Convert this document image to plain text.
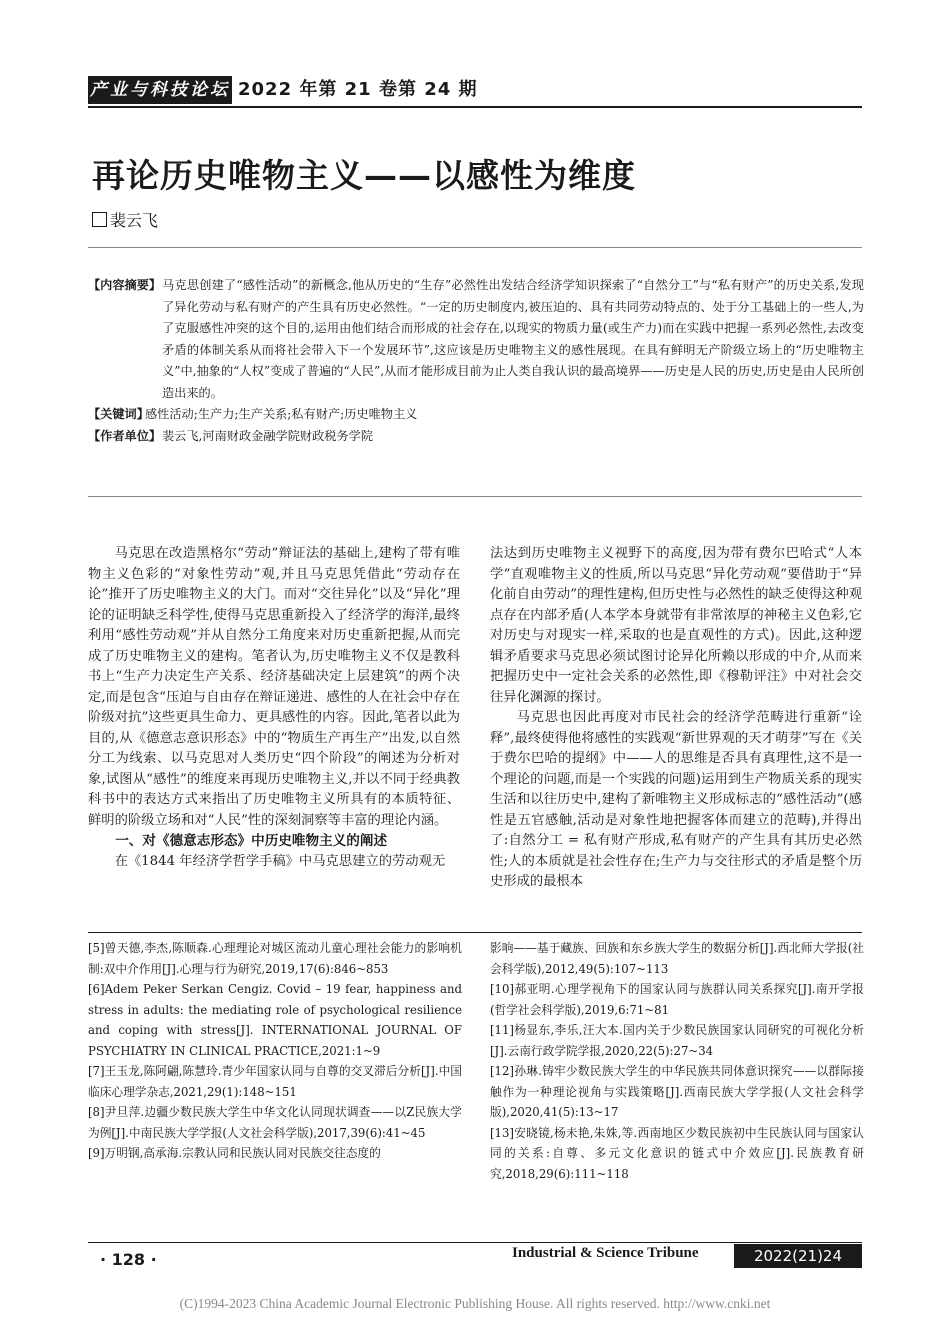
产业与科技论坛 2022 年第 21 卷第 24 期
再论历史唯物主义——以感性为维度
裴云飞

【内容摘要】马克思创建了“感性活动”的新概念,他从历史的“生存”必然性出发结合经济学知识探索了“自然分工”与“私有财产”的历史关系,发现了异化劳动与私有财产的产生具有历史必然性。“一定的历史制度内,被压迫的、具有共同劳动特点的、处于分工基础上的一些人,为了克服感性冲突的这个目的,运用由他们结合而形成的社会存在,以现实的物质力量(或生产力)而在实践中把握一系列必然性,去改变矛盾的体制关系从而将社会带入下一个发展环节”,这应该是历史唯物主义的感性展现。在具有鲜明无产阶级立场上的“历史唯物主义”中,抽象的“人权”变成了普遍的“人民”,从而才能形成目前为止人类自我认识的最高境界——历史是人民的历史,历史是由人民所创造出来的。

【关键词】感性活动;生产力;生产关系;私有财产;历史唯物主义

【作者单位】裴云飞,河南财政金融学院财政税务学院

马克思在改造黑格尔“劳动”辩证法的基础上,建构了带有唯物主义色彩的“对象性劳动”观,并且马克思凭借此“劳动存在论”推开了历史唯物主义的大门。而对“交往异化”以及“异化”理论的证明缺乏科学性,使得马克思重新投入了经济学的海洋,最终利用“感性劳动观”并从自然分工角度来对历史重新把握,从而完成了历史唯物主义的建构。笔者认为,历史唯物主义不仅是教科书上“生产力决定生产关系、经济基础决定上层建筑”的两个决定,而是包含“压迫与自由存在辩证递进、感性的人在社会中存在阶级对抗”这些更具生命力、更具感性的内容。因此,笔者以此为目的,从《德意志意识形态》中的“物质生产再生产”出发,以自然分工为线索、以马克思对人类历史“四个阶段”的阐述为分析对象,试图从“感性”的维度来再现历史唯物主义,并以不同于经典教科书中的表达方式来指出了历史唯物主义所具有的本质特征、鲜明的阶级立场和对“人民”性的深刻洞察等丰富的理论内涵。

一、对《德意志形态》中历史唯物主义的阐述

在《1844 年经济学哲学手稿》中马克思建立的劳动观无

法达到历史唯物主义视野下的高度,因为带有费尔巴哈式“人本学”直观唯物主义的性质,所以马克思“异化劳动观”要借助于“异化前自由劳动”的理性建构,但历史性与必然性的缺乏使得这种观点存在内部矛盾(人本学本身就带有非常浓厚的神秘主义色彩,它对历史与对现实一样,采取的也是直观性的方式)。因此,这种逻辑矛盾要求马克思必须试图讨论异化所赖以形成的中介,从而来把握历史中一定社会关系的必然性,即《穆勒评注》中对社会交往异化渊源的探讨。

马克思也因此再度对市民社会的经济学范畴进行重新“诠释”,最终使得他将感性的实践观“新世界观的天才萌芽”写在《关于费尔巴哈的提纲》中——人的思维是否具有真理性,这不是一个理论的问题,而是一个实践的问题)运用到生产物质关系的现实生活和以往历史中,建构了新唯物主义形成标志的“感性活动”(感性是五官感触,活动是对象性地把握客体而建立的范畴),并得出了:自然分工 = 私有财产形成,私有财产的产生具有其历史必然性;人的本质就是社会性存在;生产力与交往形式的矛盾是整个历史形成的最根本

[5]曾天德,李杰,陈顺森.心理理论对城区流动儿童心理社会能力的影响机制:双中介作用[J].心理与行为研究,2019,17(6):846~853

[6]Adem Peker Serkan Cengiz. Covid – 19 fear, happiness and stress in adults: the mediating role of psychological resilience and coping with stress[J]. INTERNATIONAL JOURNAL OF PSYCHIATRY IN CLINICAL PRACTICE,2021:1~9

[7]王玉龙,陈阿翩,陈慧玲.青少年国家认同与自尊的交叉滞后分析[J].中国临床心理学杂志,2021,29(1):148~151

[8]尹旦萍.边疆少数民族大学生中华文化认同现状调查——以Z民族大学为例[J].中南民族大学学报(人文社会科学版),2017,39(6):41~45

[9]万明钢,高承海.宗教认同和民族认同对民族交往态度的

影响——基于藏族、回族和东乡族大学生的数据分析[J].西北师大学报(社会科学版),2012,49(5):107~113

[10]郝亚明.心理学视角下的国家认同与族群认同关系探究[J].南开学报(哲学社会科学版),2019,6:71~81

[11]杨显东,李乐,汪大本.国内关于少数民族国家认同研究的可视化分析[J].云南行政学院学报,2020,22(5):27~34

[12]孙琳.铸牢少数民族大学生的中华民族共同体意识探究——以群际接触作为一种理论视角与实践策略[J].西南民族大学学报(人文社会科学版),2020,41(5):13~17

[13]安晓镜,杨未艳,朱姝,等.西南地区少数民族初中生民族认同与国家认同的关系:自尊、多元文化意识的链式中介效应[J].民族教育研究,2018,29(6):111~118

· 128 ·	Industrial & Science Tribune	2022(21)24
(C)1994-2023 China Academic Journal Electronic Publishing House. All rights reserved. http://www.cnki.net
